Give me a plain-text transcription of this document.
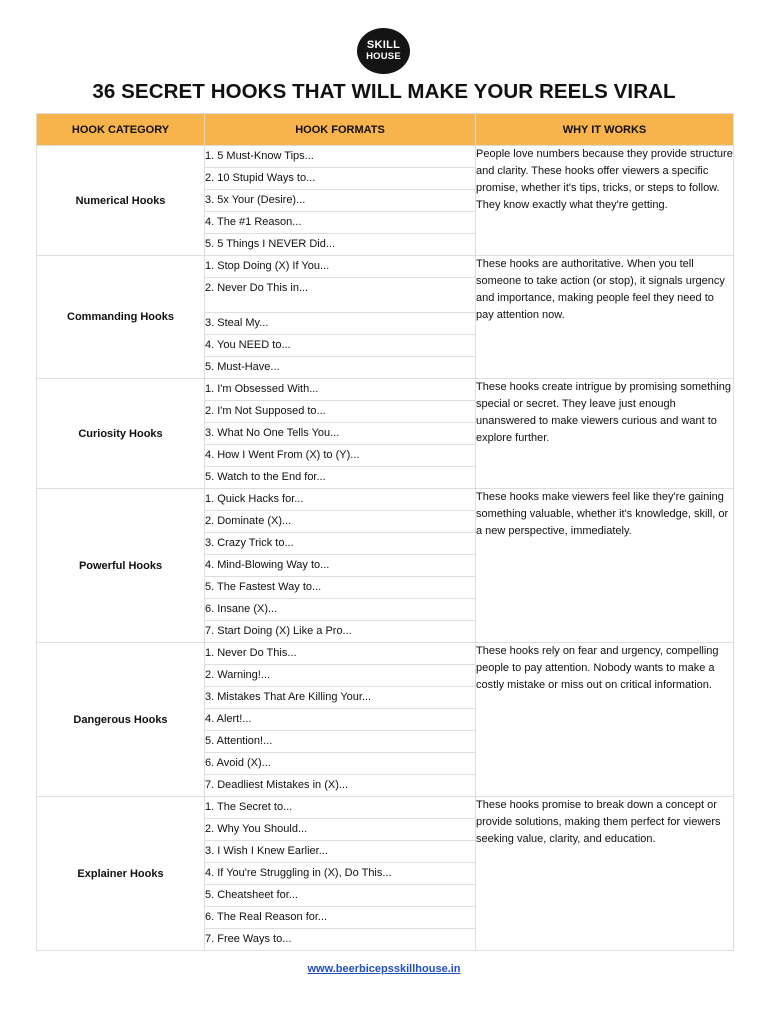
SKILL
HOUSE
36 SECRET HOOKS THAT WILL MAKE YOUR REELS VIRAL
HOOK CATEGORY	HOOK FORMATS	WHY IT WORKS
Numerical Hooks	1. 5 Must-Know Tips...	People love numbers because they provide structure and clarity. These hooks offer viewers a specific promise, whether it's tips, tricks, or steps to follow. They know exactly what they're getting.

	2. 10 Stupid Ways to...	

	3. 5x Your (Desire)...	

	4. The #1 Reason...	

	5. 5 Things I NEVER Did...	

Commanding Hooks	1. Stop Doing (X) If You...	These hooks are authoritative. When you tell someone to take action (or stop), it signals urgency and importance, making people feel they need to pay attention now.

	2. Never Do This in...	

	3. Steal My...	

	4. You NEED to...	

	5. Must-Have...	

Curiosity Hooks	1. I'm Obsessed With...	These hooks create intrigue by promising something special or secret. They leave just enough unanswered to make viewers curious and want to explore further.

	2. I'm Not Supposed to...	

	3. What No One Tells You...	

	4. How I Went From (X) to (Y)...	

	5. Watch to the End for...	

Powerful Hooks	1. Quick Hacks for...	These hooks make viewers feel like they're gaining something valuable, whether it's knowledge, skill, or a new perspective, immediately.

	2. Dominate (X)...	

	3. Crazy Trick to...	

	4. Mind-Blowing Way to...	

	5. The Fastest Way to...	

	6. Insane (X)...	

	7. Start Doing (X) Like a Pro...	

Dangerous Hooks	1. Never Do This...	These hooks rely on fear and urgency, compelling people to pay attention. Nobody wants to make a costly mistake or miss out on critical information.

	2. Warning!...	

	3. Mistakes That Are Killing Your...	

	4. Alert!...	

	5. Attention!...	

	6. Avoid (X)...	

	7. Deadliest Mistakes in (X)...	

Explainer Hooks	1. The Secret to...	These hooks promise to break down a concept or provide solutions, making them perfect for viewers seeking value, clarity, and education.

	2. Why You Should...	

	3. I Wish I Knew Earlier...	

	4. If You're Struggling in (X), Do This...	

	5. Cheatsheet for...	

	6. The Real Reason for...	

	7. Free Ways to...	
www.beerbicepsskillhouse.in
